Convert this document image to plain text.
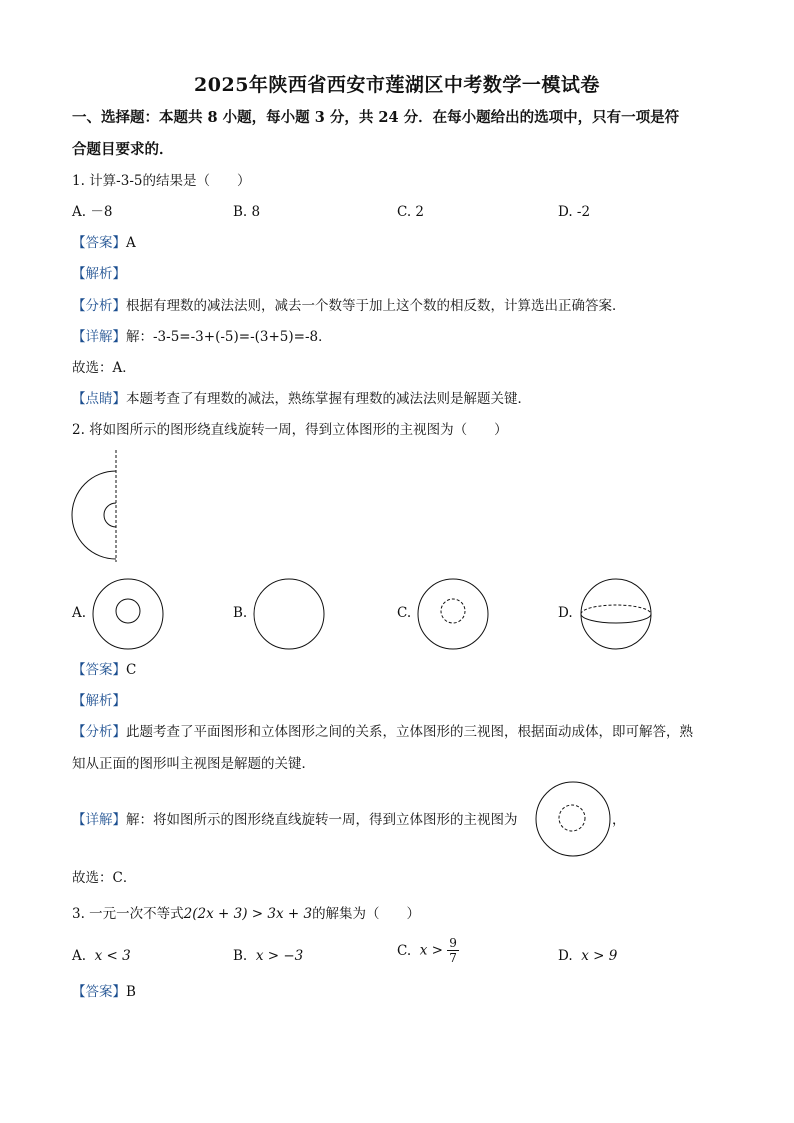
2025年陕西省西安市莲湖区中考数学一模试卷
一、选择题：本题共 8 小题，每小题 3 分，共 24 分．在每小题给出的选项中，只有一项是符
合题目要求的．
1. 计算-3-5的结果是（　　）
A. －8	B. 8	C. 2	D. -2
【答案】A
【解析】
【分析】根据有理数的减法法则，减去一个数等于加上这个数的相反数，计算选出正确答案．
【详解】解：-3-5=-3+(-5)=-(3+5)=-8．
故选：A．
【点睛】本题考查了有理数的减法，熟练掌握有理数的减法法则是解题关键．
2. 将如图所示的图形绕直线旋转一周，得到立体图形的主视图为（　　）
A.	B.	C.	D.
【答案】C
【解析】
【分析】此题考查了平面图形和立体图形之间的关系，立体图形的三视图，根据面动成体，即可解答，熟
知从正面的图形叫主视图是解题的关键．
【详解】解：将如图所示的图形绕直线旋转一周，得到立体图形的主视图为	，
故选：C．
3. 一元一次不等式2(2x + 3) > 3x + 3的解集为（　　）
A. x < 3	B. x > −3	C. $x > \frac{9}{7}$	D. x > 9
【答案】B
